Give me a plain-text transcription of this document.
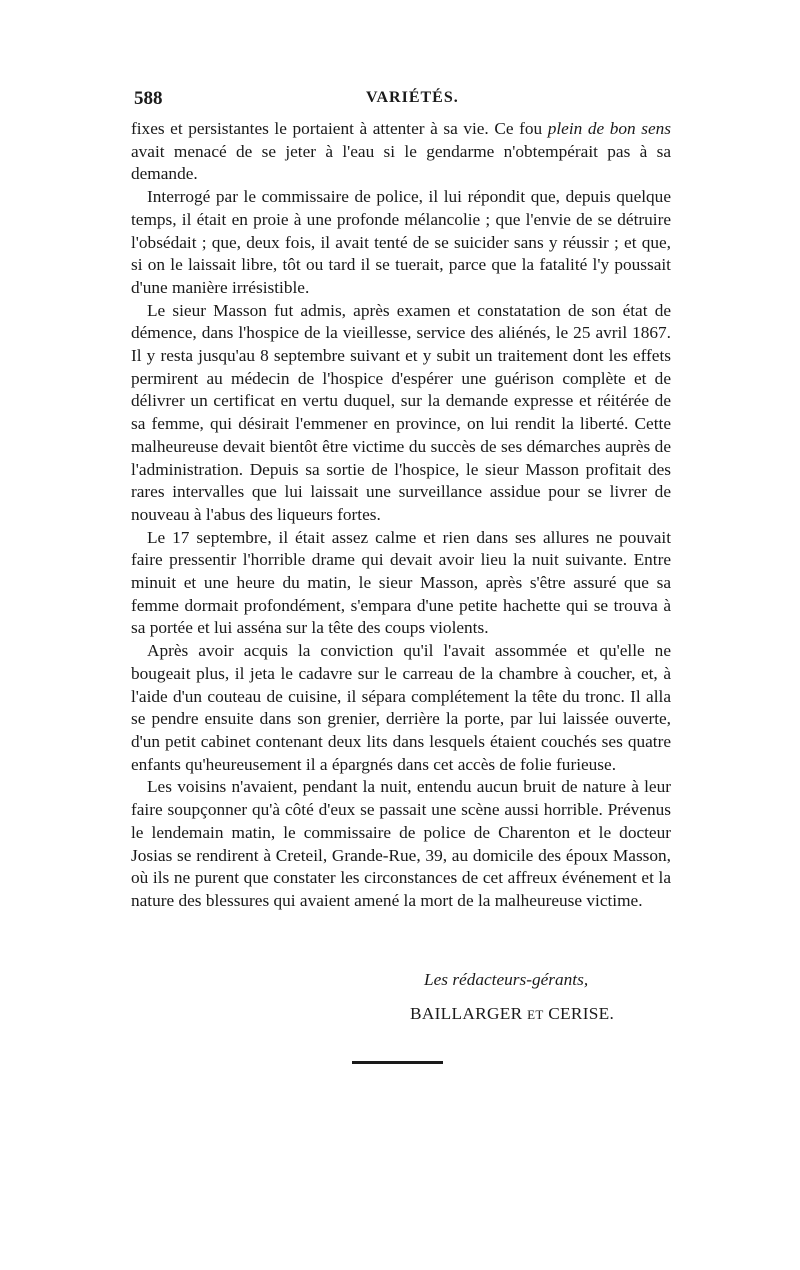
588	VARIÉTÉS.

fixes et persistantes le portaient à attenter à sa vie. Ce fou plein de bon sens avait menacé de se jeter à l'eau si le gendarme n'obtempérait pas à sa demande.

Interrogé par le commissaire de police, il lui répondit que, depuis quelque temps, il était en proie à une profonde mélancolie ; que l'envie de se détruire l'obsédait ; que, deux fois, il avait tenté de se suicider sans y réussir ; et que, si on le laissait libre, tôt ou tard il se tuerait, parce que la fatalité l'y poussait d'une manière irrésistible.

Le sieur Masson fut admis, après examen et constatation de son état de démence, dans l'hospice de la vieillesse, service des aliénés, le 25 avril 1867. Il y resta jusqu'au 8 septembre suivant et y subit un traitement dont les effets permirent au médecin de l'hospice d'espérer une guérison complète et de délivrer un certificat en vertu duquel, sur la demande expresse et réitérée de sa femme, qui désirait l'emmener en province, on lui rendit la liberté. Cette malheureuse devait bientôt être victime du succès de ses démarches auprès de l'administration. Depuis sa sortie de l'hospice, le sieur Masson profitait des rares intervalles que lui laissait une surveillance assidue pour se livrer de nouveau à l'abus des liqueurs fortes.

Le 17 septembre, il était assez calme et rien dans ses allures ne pouvait faire pressentir l'horrible drame qui devait avoir lieu la nuit suivante. Entre minuit et une heure du matin, le sieur Masson, après s'être assuré que sa femme dormait profondément, s'empara d'une petite hachette qui se trouva à sa portée et lui asséna sur la tête des coups violents.

Après avoir acquis la conviction qu'il l'avait assommée et qu'elle ne bougeait plus, il jeta le cadavre sur le carreau de la chambre à coucher, et, à l'aide d'un couteau de cuisine, il sépara complétement la tête du tronc. Il alla se pendre ensuite dans son grenier, derrière la porte, par lui laissée ouverte, d'un petit cabinet contenant deux lits dans lesquels étaient couchés ses quatre enfants qu'heureusement il a épargnés dans cet accès de folie furieuse.

Les voisins n'avaient, pendant la nuit, entendu aucun bruit de nature à leur faire soupçonner qu'à côté d'eux se passait une scène aussi horrible. Prévenus le lendemain matin, le commissaire de police de Charenton et le docteur Josias se rendirent à Creteil, Grande-Rue, 39, au domicile des époux Masson, où ils ne purent que constater les circonstances de cet affreux événement et la nature des blessures qui avaient amené la mort de la malheureuse victime.

Les rédacteurs-gérants,
BAILLARGER ET CERISE.
